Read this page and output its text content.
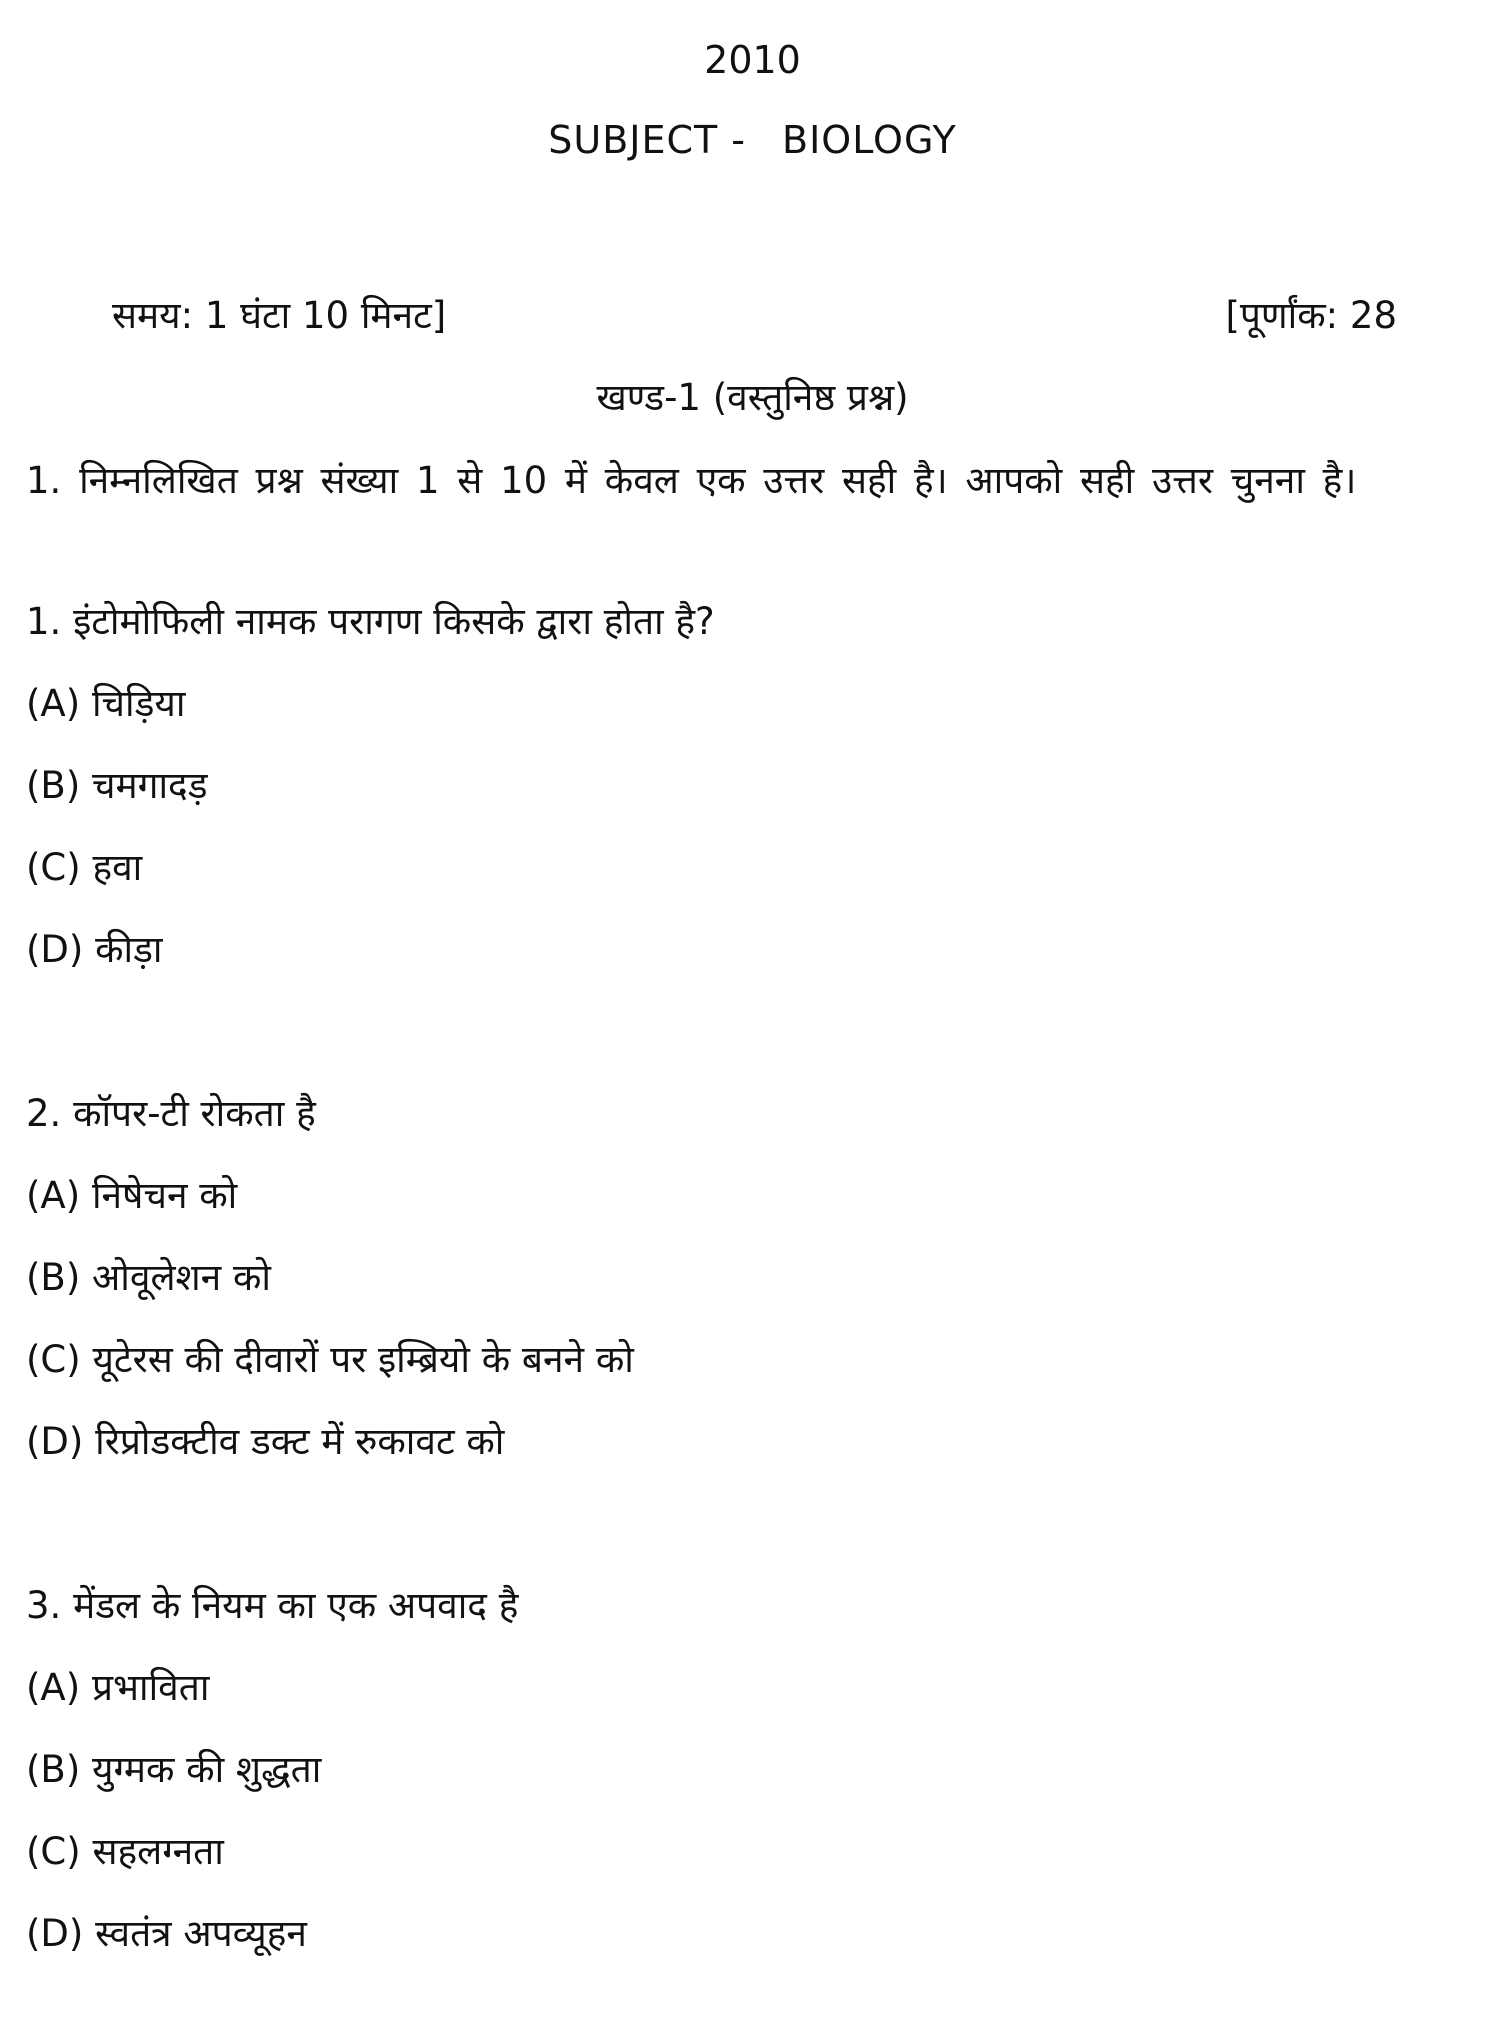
2010
SUBJECT - BIOLOGY
समय: 1 घंटा 10 मिनट]	[पूर्णांक: 28
खण्ड-1 (वस्तुनिष्ठ प्रश्न)
1. निम्नलिखित प्रश्न संख्या 1 से 10 में केवल एक उत्तर सही है। आपको सही उत्तर चुनना है।
1. इंटोमोफिली नामक परागण किसके द्वारा होता है?
(A) चिड़िया
(B) चमगादड़
(C) हवा
(D) कीड़ा
2. कॉपर-टी रोकता है
(A) निषेचन को
(B) ओवूलेशन को
(C) यूटेरस की दीवारों पर इम्ब्रियो के बनने को
(D) रिप्रोडक्टीव डक्ट में रुकावट को
3. मेंडल के नियम का एक अपवाद है
(A) प्रभाविता
(B) युग्मक की शुद्धता
(C) सहलग्नता
(D) स्वतंत्र अपव्यूहन
